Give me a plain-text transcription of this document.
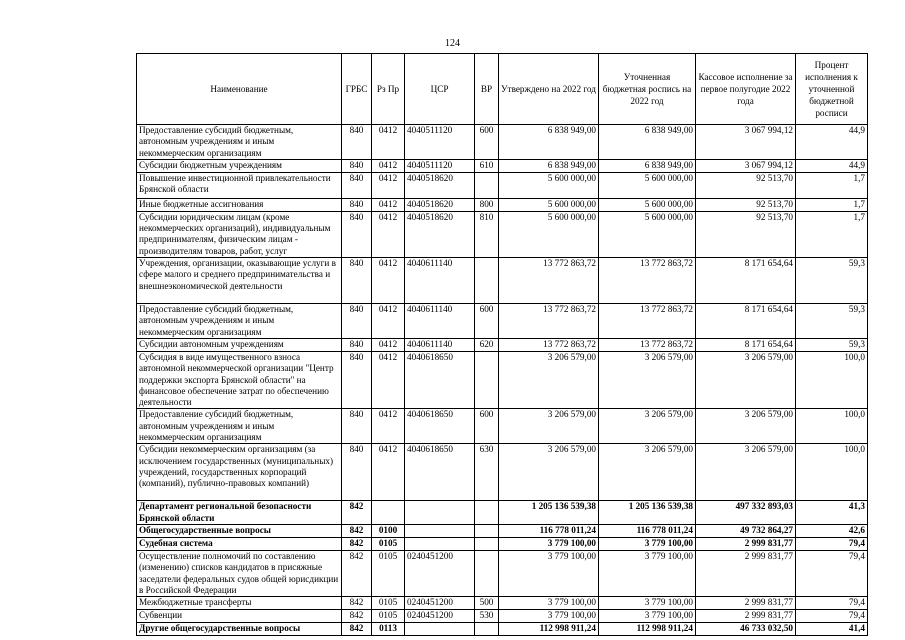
124
Наименование	ГРБС	Рз Пр	ЦСР	ВР	Утверждено на 2022 год	Уточненная бюджетная роспись на 2022 год	Кассовое исполнение за первое полугодие 2022 года	Процент исполнения к уточненной бюджетной росписи
Предоставление субсидий бюджетным, автономным учреждениям и иным некоммерческим организациям	840	0412	4040511120	600	6 838 949,00	6 838 949,00	3 067 994,12	44,9
Субсидии бюджетным учреждениям	840	0412	4040511120	610	6 838 949,00	6 838 949,00	3 067 994,12	44,9
Повышение инвестиционной привлекательности Брянской области	840	0412	4040518620		5 600 000,00	5 600 000,00	92 513,70	1,7
Иные бюджетные ассигнования	840	0412	4040518620	800	5 600 000,00	5 600 000,00	92 513,70	1,7
Субсидии юридическим лицам (кроме некоммерческих организаций), индивидуальным предпринимателям, физическим лицам - производителям товаров, работ, услуг	840	0412	4040518620	810	5 600 000,00	5 600 000,00	92 513,70	1,7
Учреждения, организации, оказывающие услуги в сфере малого и среднего предпринимательства и внешнеэкономической деятельности	840	0412	4040611140		13 772 863,72	13 772 863,72	8 171 654,64	59,3
Предоставление субсидий бюджетным, автономным учреждениям и иным некоммерческим организациям	840	0412	4040611140	600	13 772 863,72	13 772 863,72	8 171 654,64	59,3
Субсидии автономным учреждениям	840	0412	4040611140	620	13 772 863,72	13 772 863,72	8 171 654,64	59,3
Субсидия в виде имущественного взноса автономной некоммерческой организации "Центр поддержки экспорта Брянской области" на финансовое обеспечение затрат по обеспечению деятельности	840	0412	4040618650		3 206 579,00	3 206 579,00	3 206 579,00	100,0
Предоставление субсидий бюджетным, автономным учреждениям и иным некоммерческим организациям	840	0412	4040618650	600	3 206 579,00	3 206 579,00	3 206 579,00	100,0
Субсидии некоммерческим организациям (за исключением государственных (муниципальных) учреждений, государственных корпораций (компаний), публично-правовых компаний)	840	0412	4040618650	630	3 206 579,00	3 206 579,00	3 206 579,00	100,0
Департамент региональной безопасности Брянской области	842				1 205 136 539,38	1 205 136 539,38	497 332 893,03	41,3
Общегосударственные вопросы	842	0100			116 778 011,24	116 778 011,24	49 732 864,27	42,6
Судебная система	842	0105			3 779 100,00	3 779 100,00	2 999 831,77	79,4
Осуществление полномочий по составлению (изменению) списков кандидатов в присяжные заседатели федеральных судов общей юрисдикции в Российской Федерации	842	0105	0240451200		3 779 100,00	3 779 100,00	2 999 831,77	79,4
Межбюджетные трансферты	842	0105	0240451200	500	3 779 100,00	3 779 100,00	2 999 831,77	79,4
Субвенции	842	0105	0240451200	530	3 779 100,00	3 779 100,00	2 999 831,77	79,4
Другие общегосударственные вопросы	842	0113			112 998 911,24	112 998 911,24	46 733 032,50	41,4
